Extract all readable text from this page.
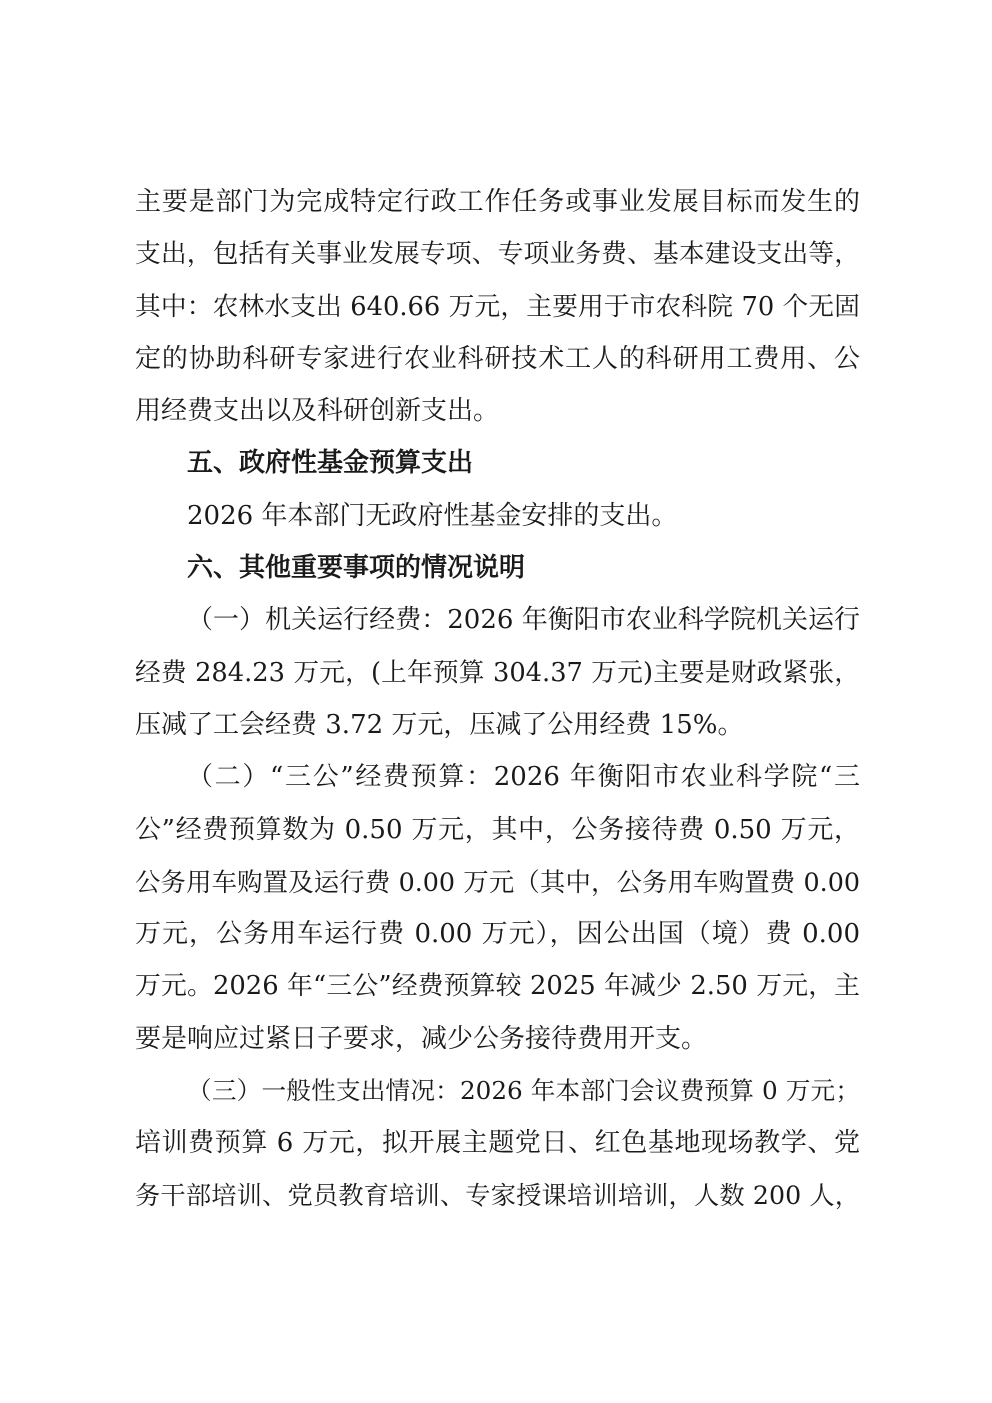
主要是部门为完成特定行政工作任务或事业发展目标而发生的
支出，包括有关事业发展专项、专项业务费、基本建设支出等，
其中：农林水支出 640.66 万元，主要用于市农科院 70 个无固
定的协助科研专家进行农业科研技术工人的科研用工费用、公
用经费支出以及科研创新支出。
五、政府性基金预算支出
2026 年本部门无政府性基金安排的支出。
六、其他重要事项的情况说明
（一）机关运行经费：2026 年衡阳市农业科学院机关运行
经费 284.23 万元，(上年预算 304.37 万元)主要是财政紧张，
压减了工会经费 3.72 万元，压减了公用经费 15%。
（二）“三公”经费预算：2026 年衡阳市农业科学院“三
公”经费预算数为 0.50 万元，其中，公务接待费 0.50 万元，
公务用车购置及运行费 0.00 万元（其中，公务用车购置费 0.00
万元，公务用车运行费 0.00 万元），因公出国（境）费 0.00
万元。2026 年“三公”经费预算较 2025 年减少 2.50 万元，主
要是响应过紧日子要求，减少公务接待费用开支。
（三）一般性支出情况：2026 年本部门会议费预算 0 万元；
培训费预算 6 万元，拟开展主题党日、红色基地现场教学、党
务干部培训、党员教育培训、专家授课培训培训，人数 200 人，
